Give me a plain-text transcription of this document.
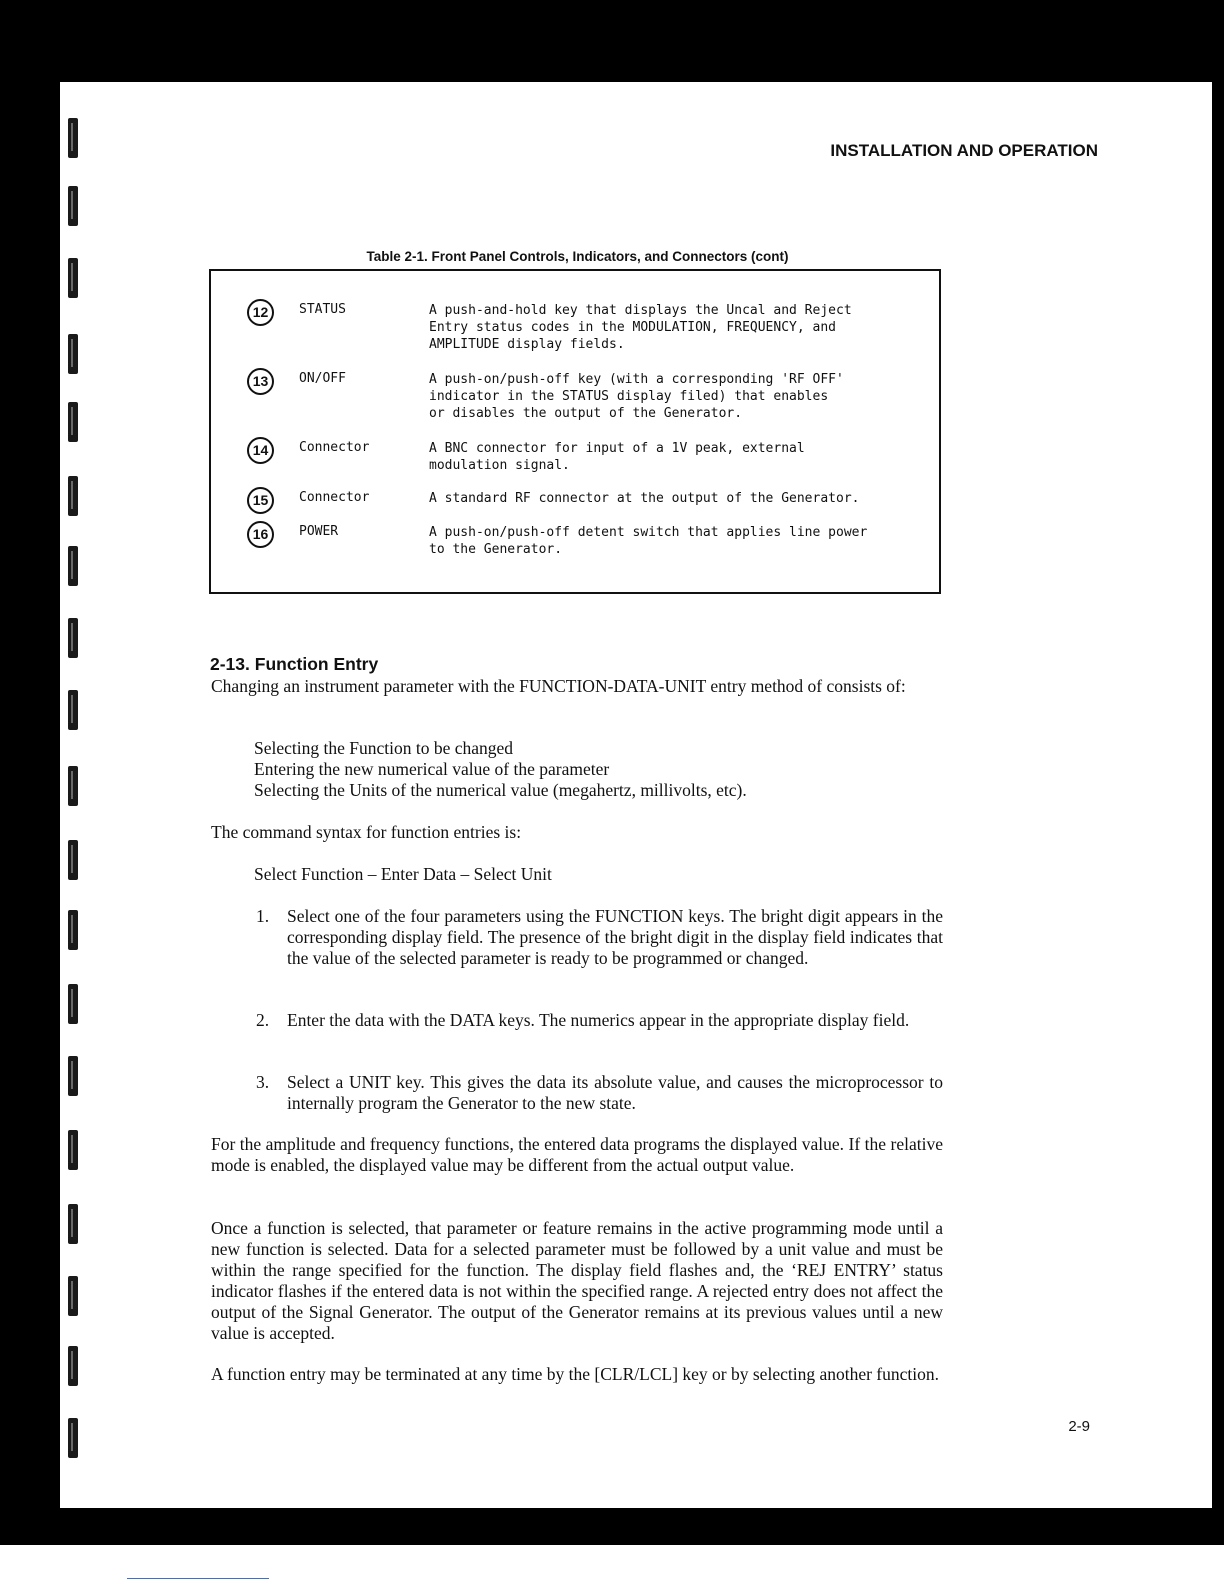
INSTALLATION AND OPERATION
Table 2-1. Front Panel Controls, Indicators, and Connectors (cont)
12	STATUS	A push-and-hold key that displays the Uncal and Reject
Entry status codes in the MODULATION, FREQUENCY, and
AMPLITUDE display fields.
13	ON/OFF	A push-on/push-off key (with a corresponding 'RF OFF'
indicator in the STATUS display filed) that enables
or disables the output of the Generator.
14	Connector	A BNC connector for input of a 1V peak, external
modulation signal.
15	Connector	A standard RF connector at the output of the Generator.
16	POWER	A push-on/push-off detent switch that applies line power
to the Generator.
2-13. Function Entry
Changing an instrument parameter with the FUNCTION-DATA-UNIT entry method of consists of:
Selecting the Function to be changed
Entering the new numerical value of the parameter
Selecting the Units of the numerical value (megahertz, millivolts, etc).
The command syntax for function entries is:
Select Function – Enter Data – Select Unit
1. Select one of the four parameters using the FUNCTION keys. The bright digit appears in the corresponding display field. The presence of the bright digit in the display field indicates that the value of the selected parameter is ready to be programmed or changed.
2. Enter the data with the DATA keys. The numerics appear in the appropriate display field.
3. Select a UNIT key. This gives the data its absolute value, and causes the microprocessor to internally program the Generator to the new state.
For the amplitude and frequency functions, the entered data programs the displayed value. If the relative mode is enabled, the displayed value may be different from the actual output value.
Once a function is selected, that parameter or feature remains in the active programming mode until a new function is selected. Data for a selected parameter must be followed by a unit value and must be within the range specified for the function. The display field flashes and, the ‘REJ ENTRY’ status indicator flashes if the entered data is not within the specified range. A rejected entry does not affect the output of the Signal Generator. The output of the Generator remains at its previous values until a new value is accepted.
A function entry may be terminated at any time by the [CLR/LCL] key or by selecting another function.
2-9
